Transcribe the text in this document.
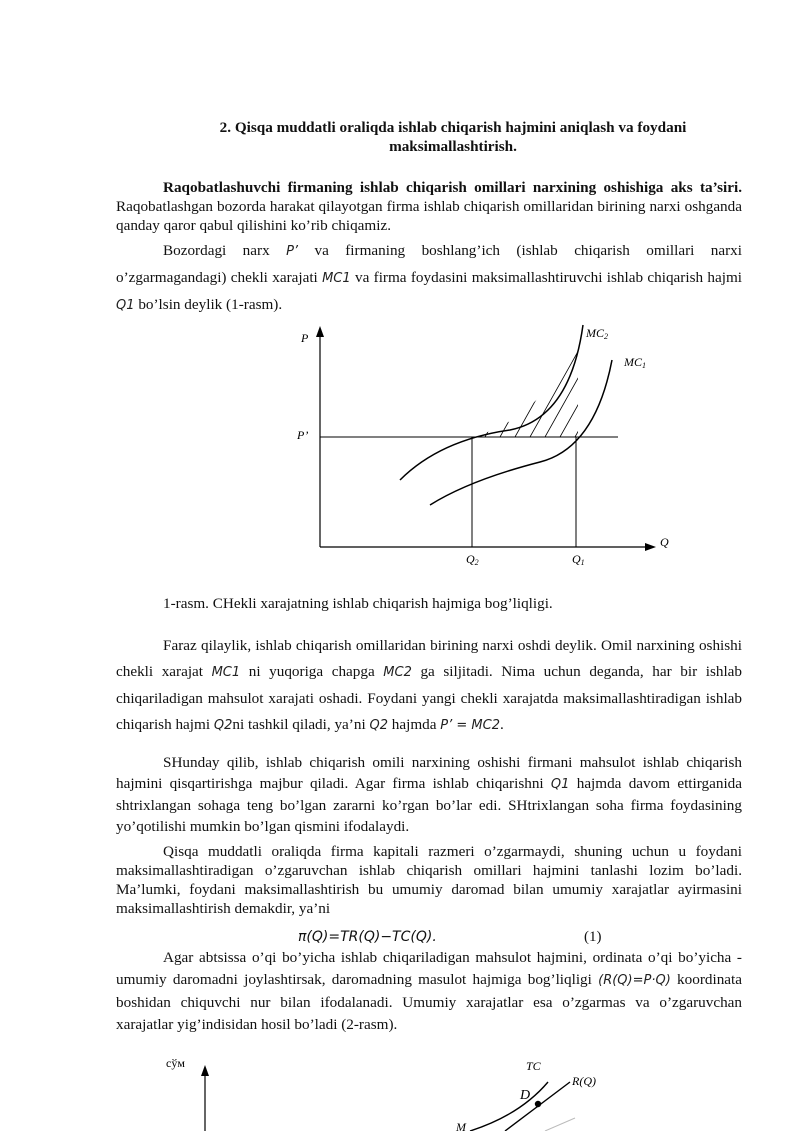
2. Qisqa muddatli oraliqda ishlab chiqarish hajmini aniqlash va foydani maksimallashtirish.

Raqobatlashuvchi firmaning ishlab chiqarish omillari narxining oshishiga aks ta’siri. Raqobatlashgan bozorda harakat qilayotgan firma ishlab chiqarish omillaridan birining narxi oshganda qanday qaror qabul qilishini ko’rib chiqamiz.

Bozordagi narx P’ va firmaning boshlang’ich (ishlab chiqarish omillari narxi o’zgarmagandagi) chekli xarajati MC1 va firma foydasini maksimallashtiruvchi ishlab chiqarish hajmi Q1 bo’lsin deylik (1-rasm).

P
Q
P’
MC2
MC1
Q2	Q1
1-rasm. CHekli xarajatning ishlab chiqarish hajmiga bog’liqligi.

Faraz qilaylik, ishlab chiqarish omillaridan birining narxi oshdi deylik. Omil narxining oshishi chekli xarajat MC1 ni yuqoriga chapga MC2 ga siljitadi. Nima uchun deganda, har bir ishlab chiqariladigan mahsulot xarajati oshadi. Foydani yangi chekli xarajatda maksimallashtiradigan ishlab chiqarish hajmi Q2ni tashkil qiladi, ya’ni Q2 hajmda P’ = MC2.

SHunday qilib, ishlab chiqarish omili narxining oshishi firmani mahsulot ishlab chiqarish hajmini qisqartirishga majbur qiladi. Agar firma ishlab chiqarishni Q1 hajmda davom ettirganida shtrixlangan sohaga teng bo’lgan zararni ko’rgan bo’lar edi. SHtrixlangan soha firma foydasining yo’qotilishi mumkin bo’lgan qismini ifodalaydi.

Qisqa muddatli oraliqda firma kapitali razmeri o’zgarmaydi, shuning uchun u foydani maksimallashtiradigan o’zgaruvchan ishlab chiqarish omillari hajmini tanlashi lozim bo’ladi. Ma’lumki, foydani maksimallashtirish bu umumiy daromad bilan umumiy xarajatlar ayirmasini maksimallashtirish demakdir, ya’ni

π(Q)=TR(Q)−TC(Q).	(1)

Agar abtsissa o’qi bo’yicha ishlab chiqariladigan mahsulot hajmini, ordinata o’qi bo’yicha - umumiy daromadni joylashtirsak, daromadning masulot hajmiga bog’liqligi (R(Q)=P·Q) koordinata boshidan chiquvchi nur bilan ifodalanadi. Umumiy xarajatlar esa o’zgarmas va o’zgaruvchan xarajatlar yig’indisidan hosil bo’ladi (2-rasm).

сўм	TC
R(Q)
D
M
